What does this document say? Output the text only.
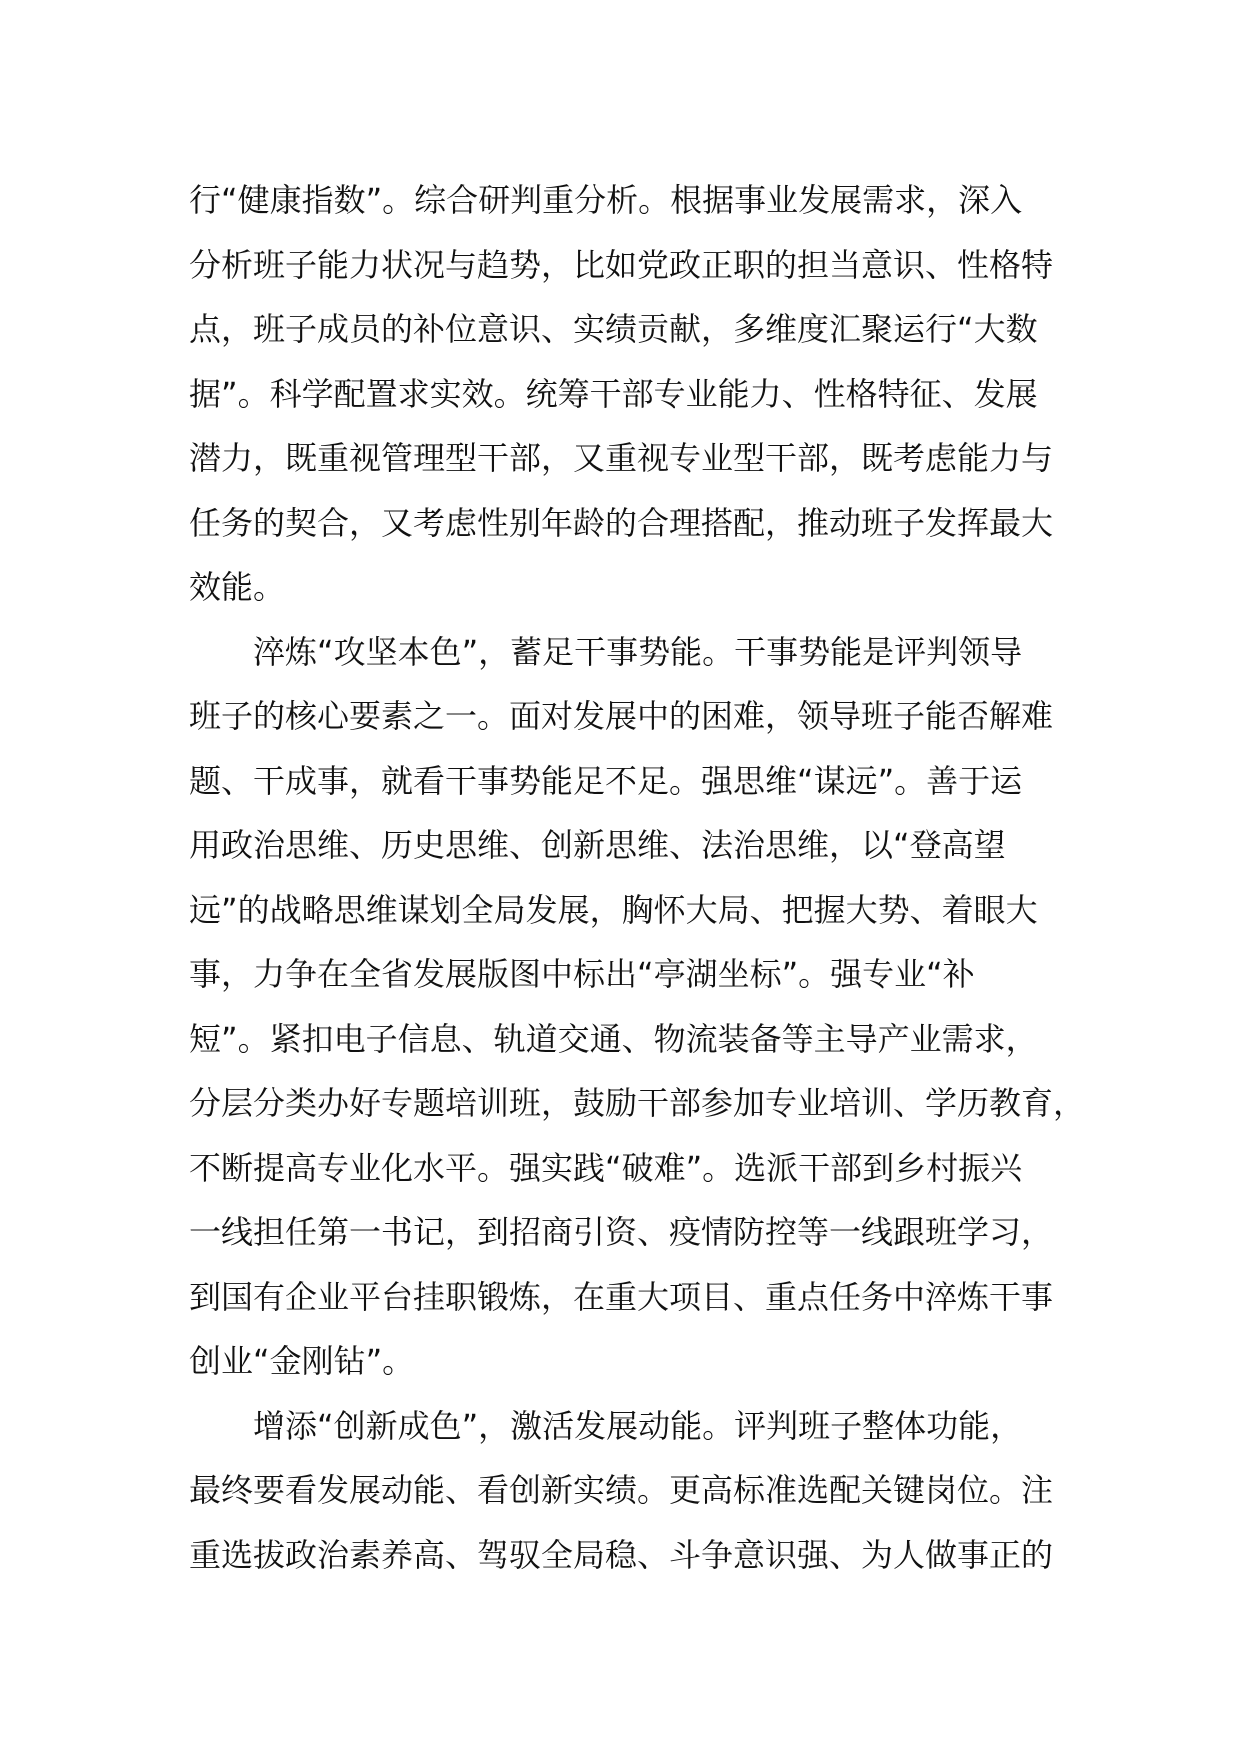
行“健康指数”。综合研判重分析。根据事业发展需求，深入
分析班子能力状况与趋势，比如党政正职的担当意识、性格特
点，班子成员的补位意识、实绩贡献，多维度汇聚运行“大数
据”。科学配置求实效。统筹干部专业能力、性格特征、发展
潜力，既重视管理型干部，又重视专业型干部，既考虑能力与
任务的契合，又考虑性别年龄的合理搭配，推动班子发挥最大
效能。
淬炼“攻坚本色”，蓄足干事势能。干事势能是评判领导
班子的核心要素之一。面对发展中的困难，领导班子能否解难
题、干成事，就看干事势能足不足。强思维“谋远”。善于运
用政治思维、历史思维、创新思维、法治思维，以“登高望
远”的战略思维谋划全局发展，胸怀大局、把握大势、着眼大
事，力争在全省发展版图中标出“亭湖坐标”。强专业“补
短”。紧扣电子信息、轨道交通、物流装备等主导产业需求，
分层分类办好专题培训班，鼓励干部参加专业培训、学历教育，
不断提高专业化水平。强实践“破难”。选派干部到乡村振兴
一线担任第一书记，到招商引资、疫情防控等一线跟班学习，
到国有企业平台挂职锻炼，在重大项目、重点任务中淬炼干事
创业“金刚钻”。
增添“创新成色”，激活发展动能。评判班子整体功能，
最终要看发展动能、看创新实绩。更高标准选配关键岗位。注
重选拔政治素养高、驾驭全局稳、斗争意识强、为人做事正的
